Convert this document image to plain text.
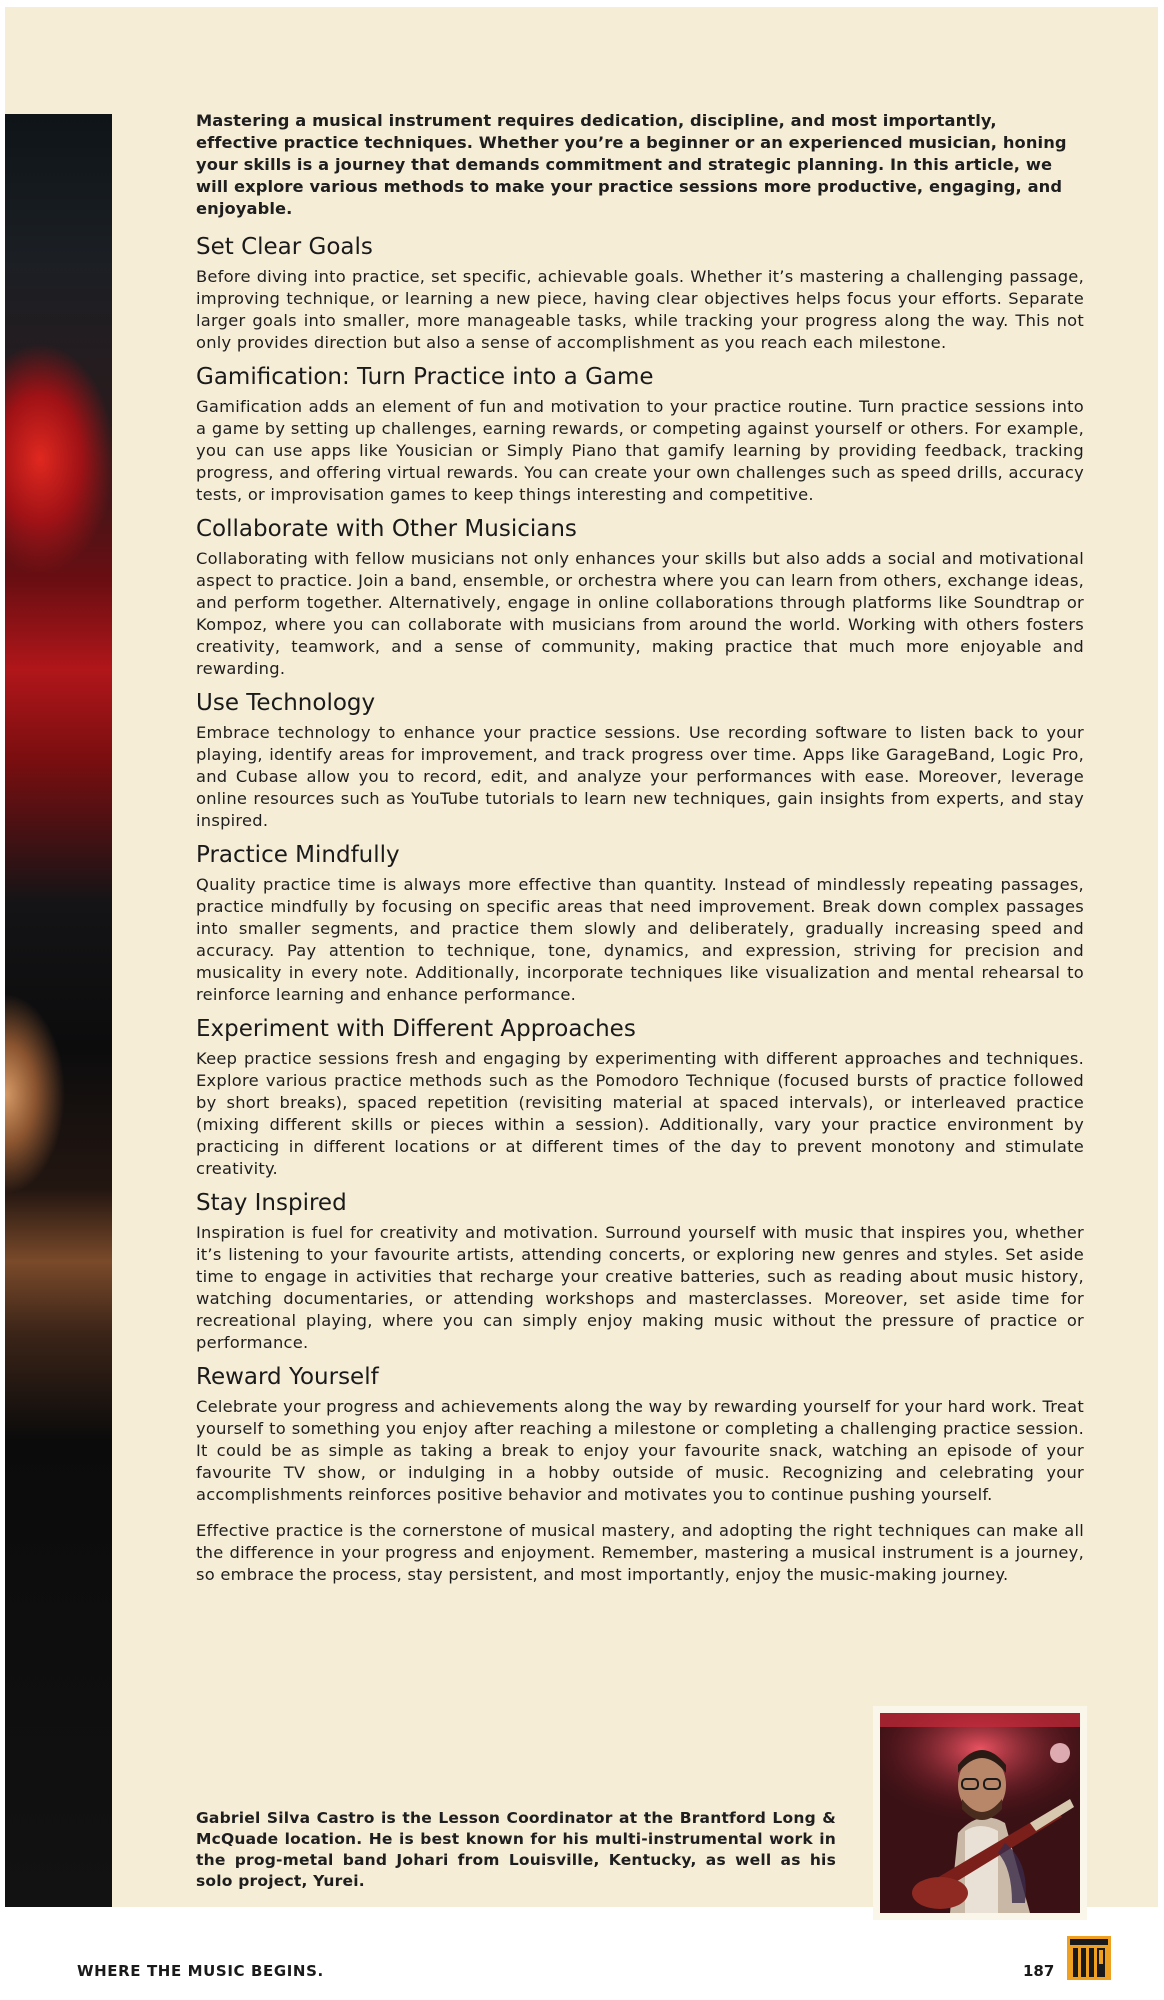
Mastering a musical instrument requires dedication, discipline, and most importantly, effective practice techniques. Whether you’re a beginner or an experienced musician, honing your skills is a journey that demands commitment and strategic planning. In this article, we will explore various methods to make your practice sessions more productive, engaging, and enjoyable.

Set Clear Goals

Before diving into practice, set specific, achievable goals. Whether it’s mastering a challenging passage, improving technique, or learning a new piece, having clear objectives helps focus your efforts. Separate larger goals into smaller, more manageable tasks, while tracking your progress along the way. This not only provides direction but also a sense of accomplishment as you reach each milestone.

Gamification: Turn Practice into a Game

Gamification adds an element of fun and motivation to your practice routine. Turn practice sessions into a game by setting up challenges, earning rewards, or competing against yourself or others. For example, you can use apps like Yousician or Simply Piano that gamify learning by providing feedback, tracking progress, and offering virtual rewards. You can create your own challenges such as speed drills, accuracy tests, or improvisation games to keep things interesting and competitive.

Collaborate with Other Musicians

Collaborating with fellow musicians not only enhances your skills but also adds a social and motivational aspect to practice. Join a band, ensemble, or orchestra where you can learn from others, exchange ideas, and perform together. Alternatively, engage in online collaborations through platforms like Soundtrap or Kompoz, where you can collaborate with musicians from around the world. Working with others fosters creativity, teamwork, and a sense of community, making practice that much more enjoyable and rewarding.

Use Technology

Embrace technology to enhance your practice sessions. Use recording software to listen back to your playing, identify areas for improvement, and track progress over time. Apps like GarageBand, Logic Pro, and Cubase allow you to record, edit, and analyze your performances with ease. Moreover, leverage online resources such as YouTube tutorials to learn new techniques, gain insights from experts, and stay inspired.

Practice Mindfully

Quality practice time is always more effective than quantity. Instead of mindlessly repeating passages, practice mindfully by focusing on specific areas that need improvement. Break down complex passages into smaller segments, and practice them slowly and deliberately, gradually increasing speed and accuracy. Pay attention to technique, tone, dynamics, and expression, striving for precision and musicality in every note. Additionally, incorporate techniques like visualization and mental rehearsal to reinforce learning and enhance performance.

Experiment with Different Approaches

Keep practice sessions fresh and engaging by experimenting with different approaches and techniques. Explore various practice methods such as the Pomodoro Technique (focused bursts of practice followed by short breaks), spaced repetition (revisiting material at spaced intervals), or interleaved practice (mixing different skills or pieces within a session). Additionally, vary your practice environment by practicing in different locations or at different times of the day to prevent monotony and stimulate creativity.

Stay Inspired

Inspiration is fuel for creativity and motivation. Surround yourself with music that inspires you, whether it’s listening to your favourite artists, attending concerts, or exploring new genres and styles. Set aside time to engage in activities that recharge your creative batteries, such as reading about music history, watching documentaries, or attending workshops and masterclasses. Moreover, set aside time for recreational playing, where you can simply enjoy making music without the pressure of practice or performance.

Reward Yourself

Celebrate your progress and achievements along the way by rewarding yourself for your hard work. Treat yourself to something you enjoy after reaching a milestone or completing a challenging practice session. It could be as simple as taking a break to enjoy your favourite snack, watching an episode of your favourite TV show, or indulging in a hobby outside of music. Recognizing and celebrating your accomplishments reinforces positive behavior and motivates you to continue pushing yourself.

Effective practice is the cornerstone of musical mastery, and adopting the right techniques can make all the difference in your progress and enjoyment. Remember, mastering a musical instrument is a journey, so embrace the process, stay persistent, and most importantly, enjoy the music-making journey.

Gabriel Silva Castro is the Lesson Coordinator at the Brantford Long & McQuade location. He is best known for his multi-instrumental work in the prog-metal band Johari from Louisville, Kentucky, as well as his solo project, Yurei.

WHERE THE MUSIC BEGINS.	187
